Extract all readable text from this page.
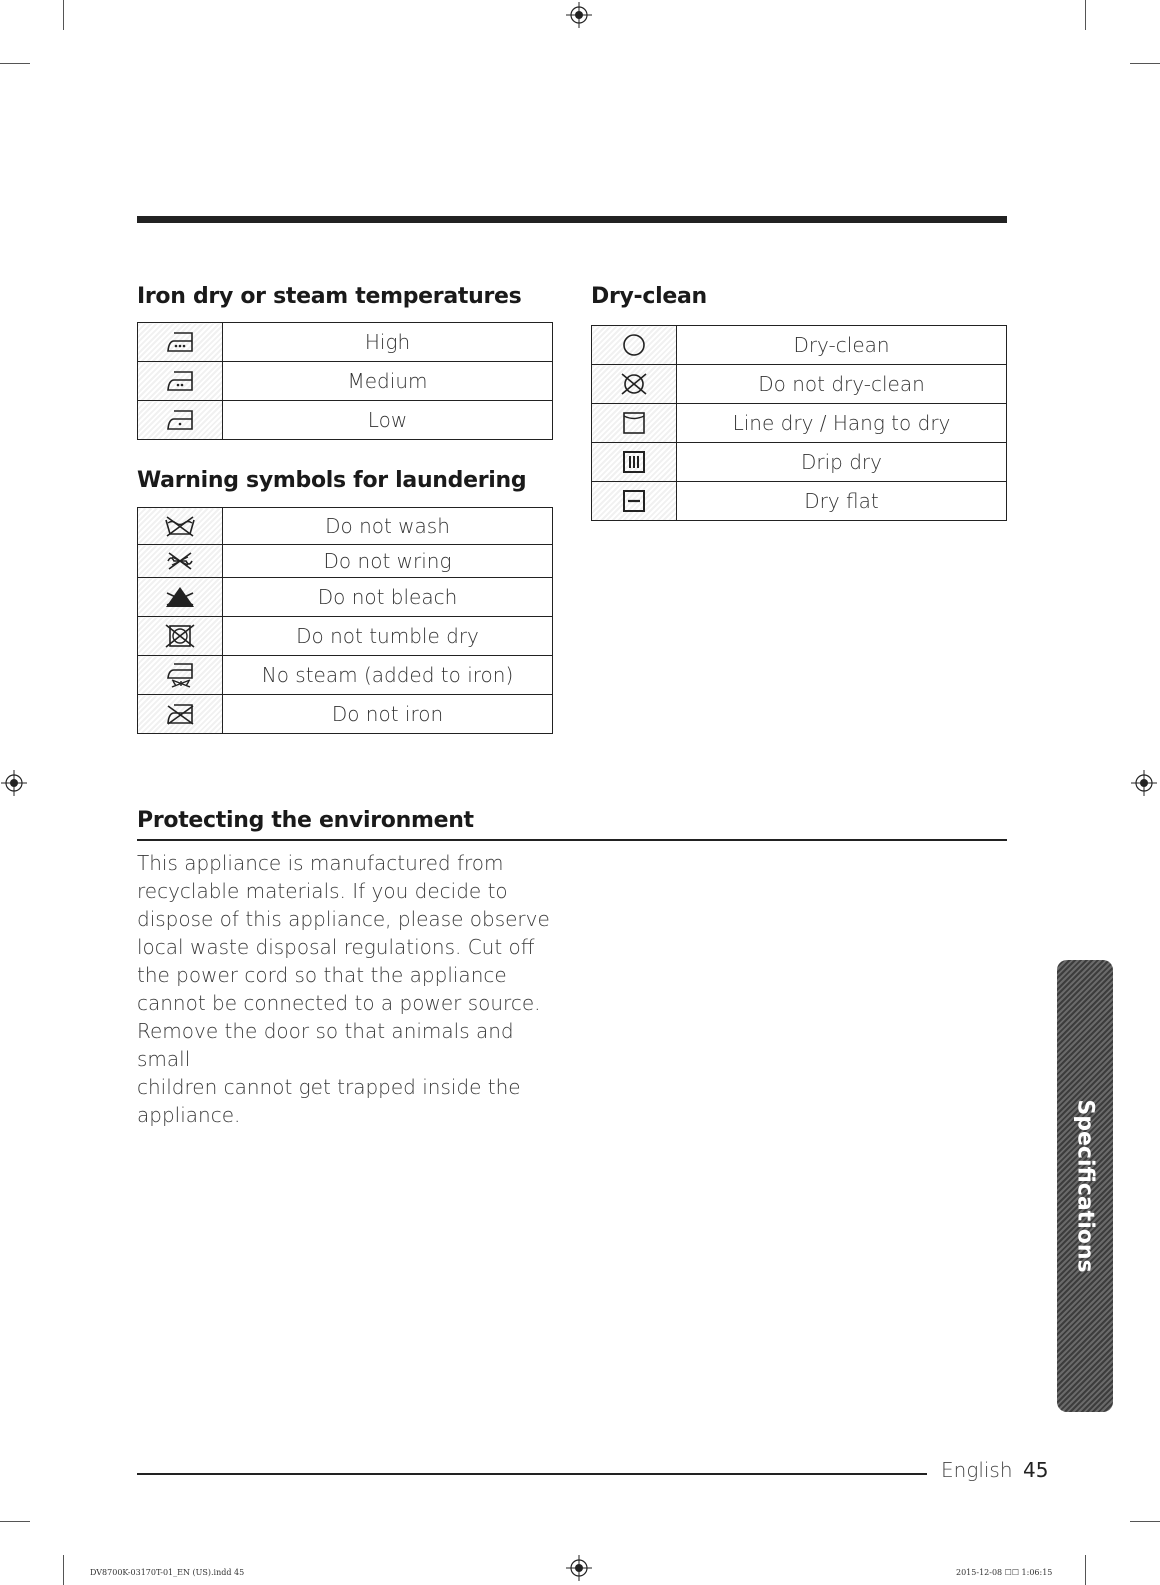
Iron dry or steam temperatures
	High
	Medium
	Low
Warning symbols for laundering
	Do not wash
	Do not wring
	Do not bleach
	Do not tumble dry
	No steam (added to iron)
	Do not iron
Dry-clean
	Dry-clean
	Do not dry-clean
	Line dry / Hang to dry
	Drip dry
	Dry flat
Protecting the environment
This appliance is manufactured from
recyclable materials. If you decide to
dispose of this appliance, please observe
local waste disposal regulations. Cut off
the power cord so that the appliance
cannot be connected to a power source.
Remove the door so that animals and small
children cannot get trapped inside the
appliance.	Specifications
English 45
DV8700K-03170T-01_EN (US).indd 45	2015-12-08 ☐☐ 1:06:15
